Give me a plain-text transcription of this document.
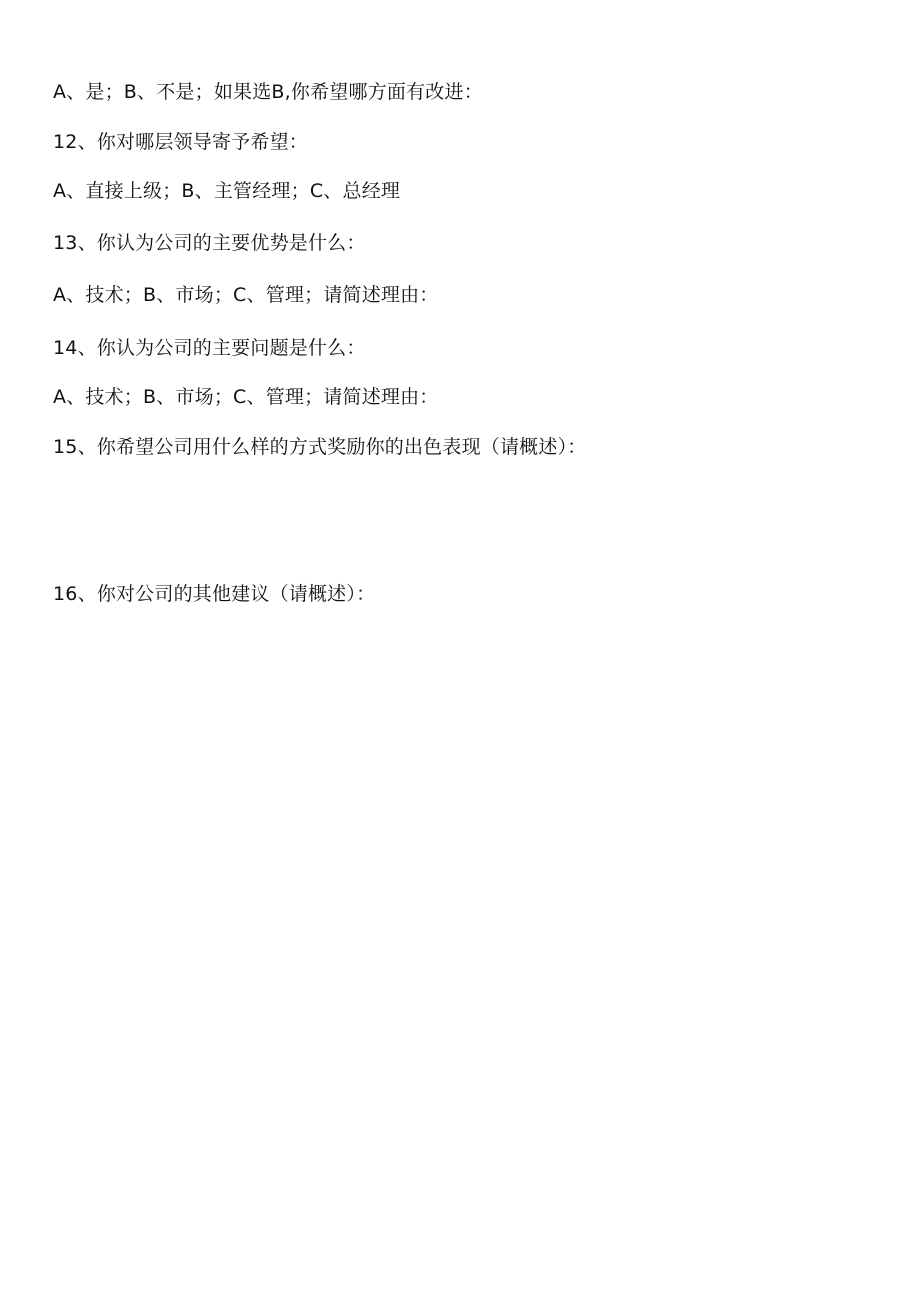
A、是；B、不是；如果选B,你希望哪方面有改进：
12、你对哪层领导寄予希望：
A、直接上级；B、主管经理；C、总经理
13、你认为公司的主要优势是什么：
A、技术；B、市场；C、管理；请简述理由：
14、你认为公司的主要问题是什么：
A、技术；B、市场；C、管理；请简述理由：
15、你希望公司用什么样的方式奖励你的出色表现（请概述）：
16、你对公司的其他建议（请概述）：
